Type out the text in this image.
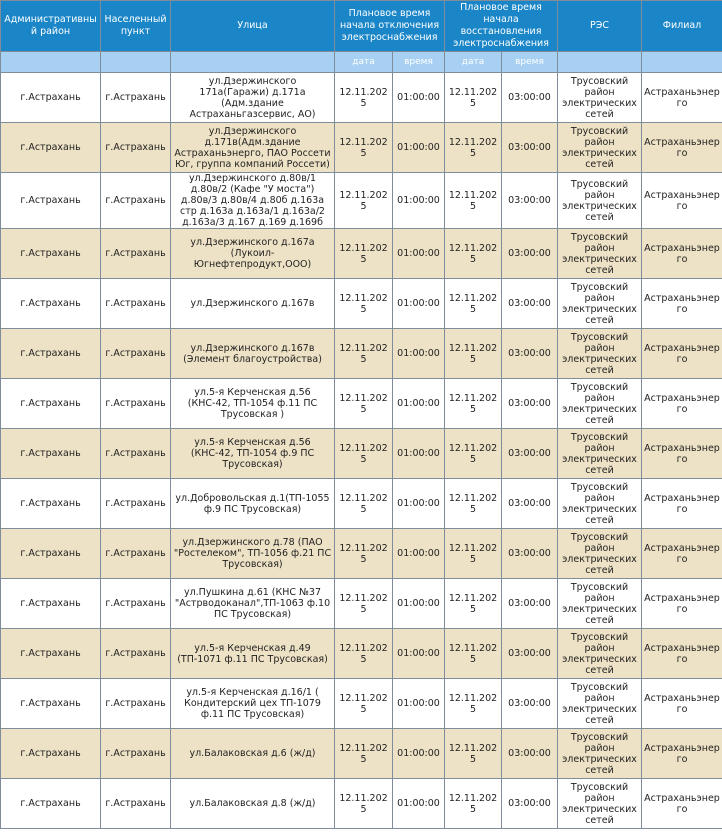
Административный район	Населенный пункт	Улица	Плановое время начала отключения электроснабжения		Плановое время начала восстановления электроснабжения		РЭС	Филиал
			дата	время	дата	время		
г.Астрахань	г.Астрахань	ул.Дзержинского 171а(Гаражи) д.171а (Адм.здание Астраханьгазсервис, АО)	12.11.2025	01:00:00	12.11.2025	03:00:00	Трусовский район электрических сетей	Астраханьэнерго
г.Астрахань	г.Астрахань	ул.Дзержинского д.171в(Адм.здание Астраханьэнерго, ПАО Россети Юг, группа компаний Россети)	12.11.2025	01:00:00	12.11.2025	03:00:00	Трусовский район электрических сетей	Астраханьэнерго
г.Астрахань	г.Астрахань	ул.Дзержинского д.80в/1 д.80в/2 (Кафе "У моста") д.80в/3 д.80в/4 д.80б д.163а стр д.163а д.163а/1 д.163а/2 д.163а/3 д.167 д.169 д.169б	12.11.2025	01:00:00	12.11.2025	03:00:00	Трусовский район электрических сетей	Астраханьэнерго
г.Астрахань	г.Астрахань	ул.Дзержинского д.167а (Лукоил-Югнефтепродукт,ООО)	12.11.2025	01:00:00	12.11.2025	03:00:00	Трусовский район электрических сетей	Астраханьэнерго
г.Астрахань	г.Астрахань	ул.Дзержинского д.167в	12.11.2025	01:00:00	12.11.2025	03:00:00	Трусовский район электрических сетей	Астраханьэнерго
г.Астрахань	г.Астрахань	ул.Дзержинского д.167в (Элемент благоустройства)	12.11.2025	01:00:00	12.11.2025	03:00:00	Трусовский район электрических сетей	Астраханьэнерго
г.Астрахань	г.Астрахань	ул.5-я Керченская д.56 (КНС-42, ТП-1054 ф.11 ПС Трусовская )	12.11.2025	01:00:00	12.11.2025	03:00:00	Трусовский район электрических сетей	Астраханьэнерго
г.Астрахань	г.Астрахань	ул.5-я Керченская д.56 (КНС-42, ТП-1054 ф.9 ПС Трусовская)	12.11.2025	01:00:00	12.11.2025	03:00:00	Трусовский район электрических сетей	Астраханьэнерго
г.Астрахань	г.Астрахань	ул.Добровольская д.1(ТП-1055 ф.9 ПС Трусовская)	12.11.2025	01:00:00	12.11.2025	03:00:00	Трусовский район электрических сетей	Астраханьэнерго
г.Астрахань	г.Астрахань	ул.Дзержинского д.78 (ПАО "Ростелеком", ТП-1056 ф.21 ПС Трусовская)	12.11.2025	01:00:00	12.11.2025	03:00:00	Трусовский район электрических сетей	Астраханьэнерго
г.Астрахань	г.Астрахань	ул.Пушкина д.61 (КНС №37 "Астрводоканал",ТП-1063 ф.10 ПС Трусовская)	12.11.2025	01:00:00	12.11.2025	03:00:00	Трусовский район электрических сетей	Астраханьэнерго
г.Астрахань	г.Астрахань	ул.5-я Керченская д.49 (ТП-1071 ф.11 ПС Трусовская)	12.11.2025	01:00:00	12.11.2025	03:00:00	Трусовский район электрических сетей	Астраханьэнерго
г.Астрахань	г.Астрахань	ул.5-я Керченская д.16/1 ( Кондитерский цех ТП-1079 ф.11 ПС Трусовская)	12.11.2025	01:00:00	12.11.2025	03:00:00	Трусовский район электрических сетей	Астраханьэнерго
г.Астрахань	г.Астрахань	ул.Балаковская д.6 (ж/д)	12.11.2025	01:00:00	12.11.2025	03:00:00	Трусовский район электрических сетей	Астраханьэнерго
г.Астрахань	г.Астрахань	ул.Балаковская д.8 (ж/д)	12.11.2025	01:00:00	12.11.2025	03:00:00	Трусовский район электрических сетей	Астраханьэнерго
